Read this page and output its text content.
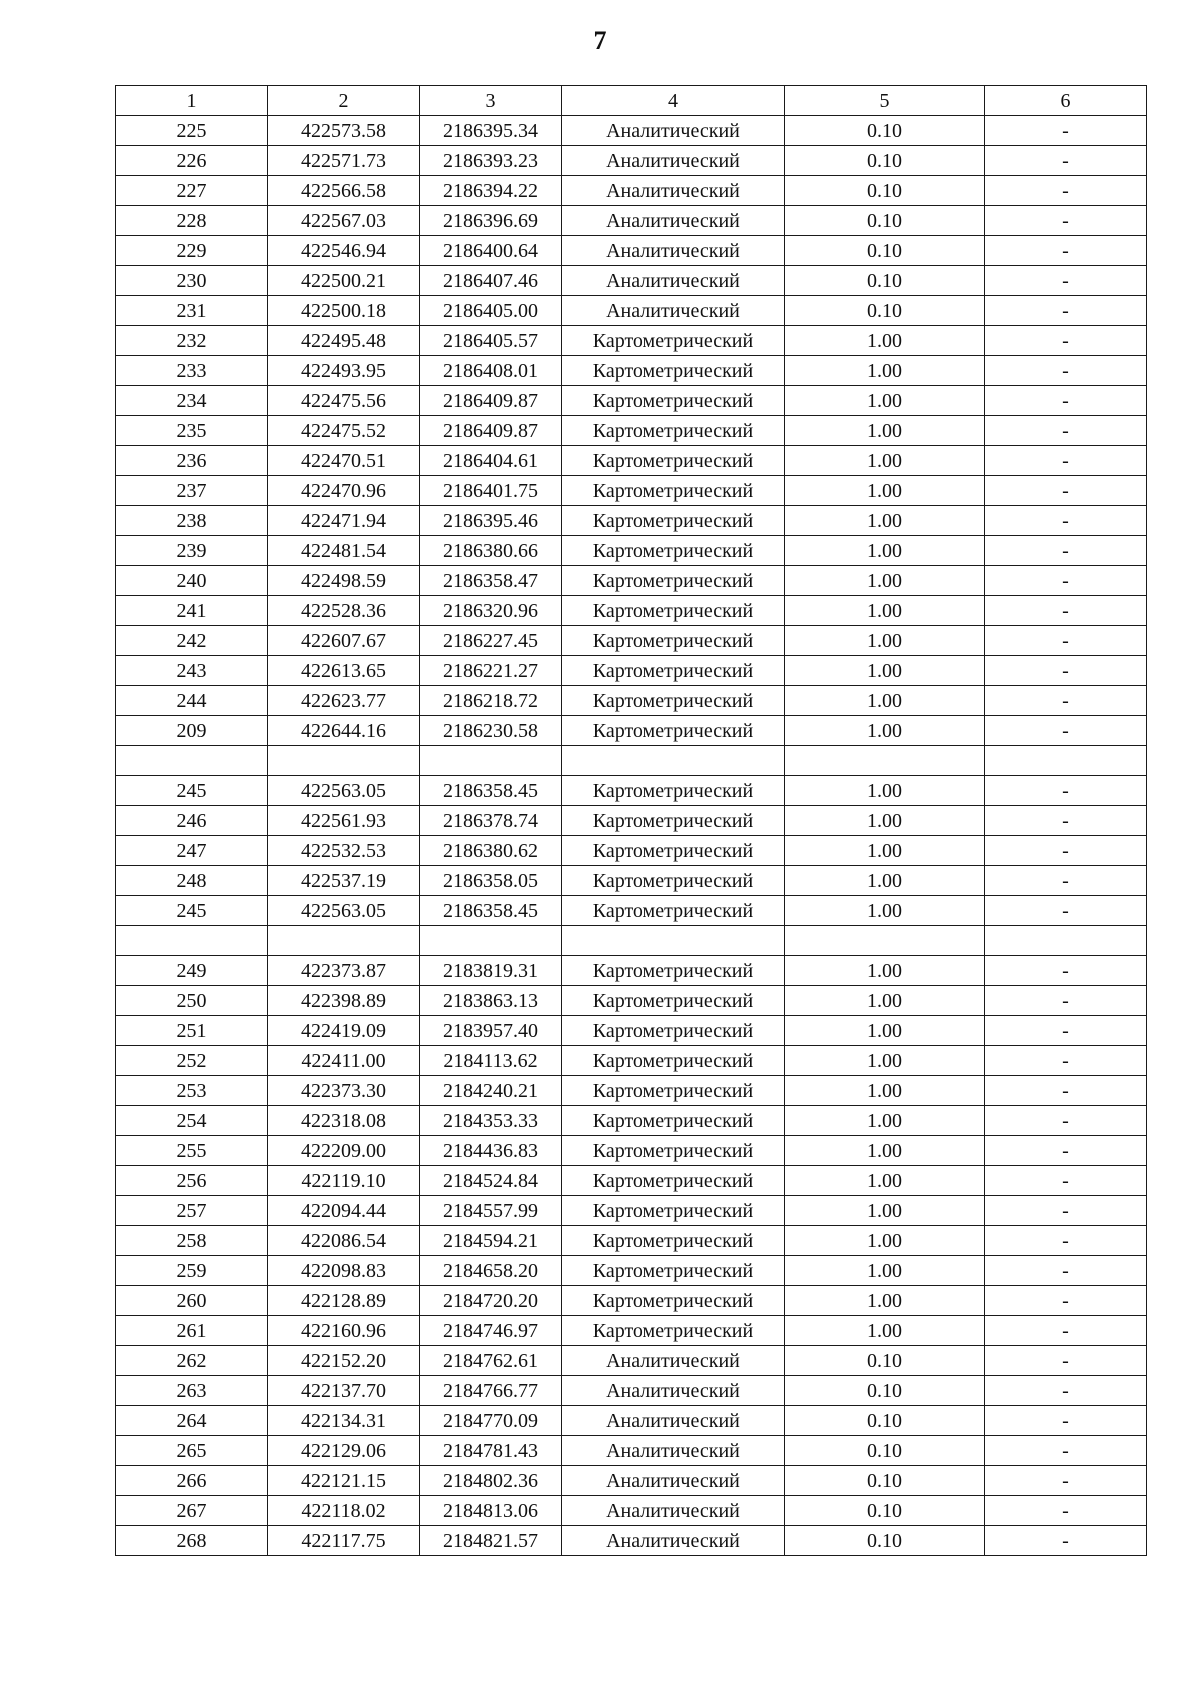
7
1	2	3	4	5	6
225	422573.58	2186395.34	Аналитический	0.10	-
226	422571.73	2186393.23	Аналитический	0.10	-
227	422566.58	2186394.22	Аналитический	0.10	-
228	422567.03	2186396.69	Аналитический	0.10	-
229	422546.94	2186400.64	Аналитический	0.10	-
230	422500.21	2186407.46	Аналитический	0.10	-
231	422500.18	2186405.00	Аналитический	0.10	-
232	422495.48	2186405.57	Картометрический	1.00	-
233	422493.95	2186408.01	Картометрический	1.00	-
234	422475.56	2186409.87	Картометрический	1.00	-
235	422475.52	2186409.87	Картометрический	1.00	-
236	422470.51	2186404.61	Картометрический	1.00	-
237	422470.96	2186401.75	Картометрический	1.00	-
238	422471.94	2186395.46	Картометрический	1.00	-
239	422481.54	2186380.66	Картометрический	1.00	-
240	422498.59	2186358.47	Картометрический	1.00	-
241	422528.36	2186320.96	Картометрический	1.00	-
242	422607.67	2186227.45	Картометрический	1.00	-
243	422613.65	2186221.27	Картометрический	1.00	-
244	422623.77	2186218.72	Картометрический	1.00	-
209	422644.16	2186230.58	Картометрический	1.00	-

245	422563.05	2186358.45	Картометрический	1.00	-
246	422561.93	2186378.74	Картометрический	1.00	-
247	422532.53	2186380.62	Картометрический	1.00	-
248	422537.19	2186358.05	Картометрический	1.00	-
245	422563.05	2186358.45	Картометрический	1.00	-

249	422373.87	2183819.31	Картометрический	1.00	-
250	422398.89	2183863.13	Картометрический	1.00	-
251	422419.09	2183957.40	Картометрический	1.00	-
252	422411.00	2184113.62	Картометрический	1.00	-
253	422373.30	2184240.21	Картометрический	1.00	-
254	422318.08	2184353.33	Картометрический	1.00	-
255	422209.00	2184436.83	Картометрический	1.00	-
256	422119.10	2184524.84	Картометрический	1.00	-
257	422094.44	2184557.99	Картометрический	1.00	-
258	422086.54	2184594.21	Картометрический	1.00	-
259	422098.83	2184658.20	Картометрический	1.00	-
260	422128.89	2184720.20	Картометрический	1.00	-
261	422160.96	2184746.97	Картометрический	1.00	-
262	422152.20	2184762.61	Аналитический	0.10	-
263	422137.70	2184766.77	Аналитический	0.10	-
264	422134.31	2184770.09	Аналитический	0.10	-
265	422129.06	2184781.43	Аналитический	0.10	-
266	422121.15	2184802.36	Аналитический	0.10	-
267	422118.02	2184813.06	Аналитический	0.10	-
268	422117.75	2184821.57	Аналитический	0.10	-
